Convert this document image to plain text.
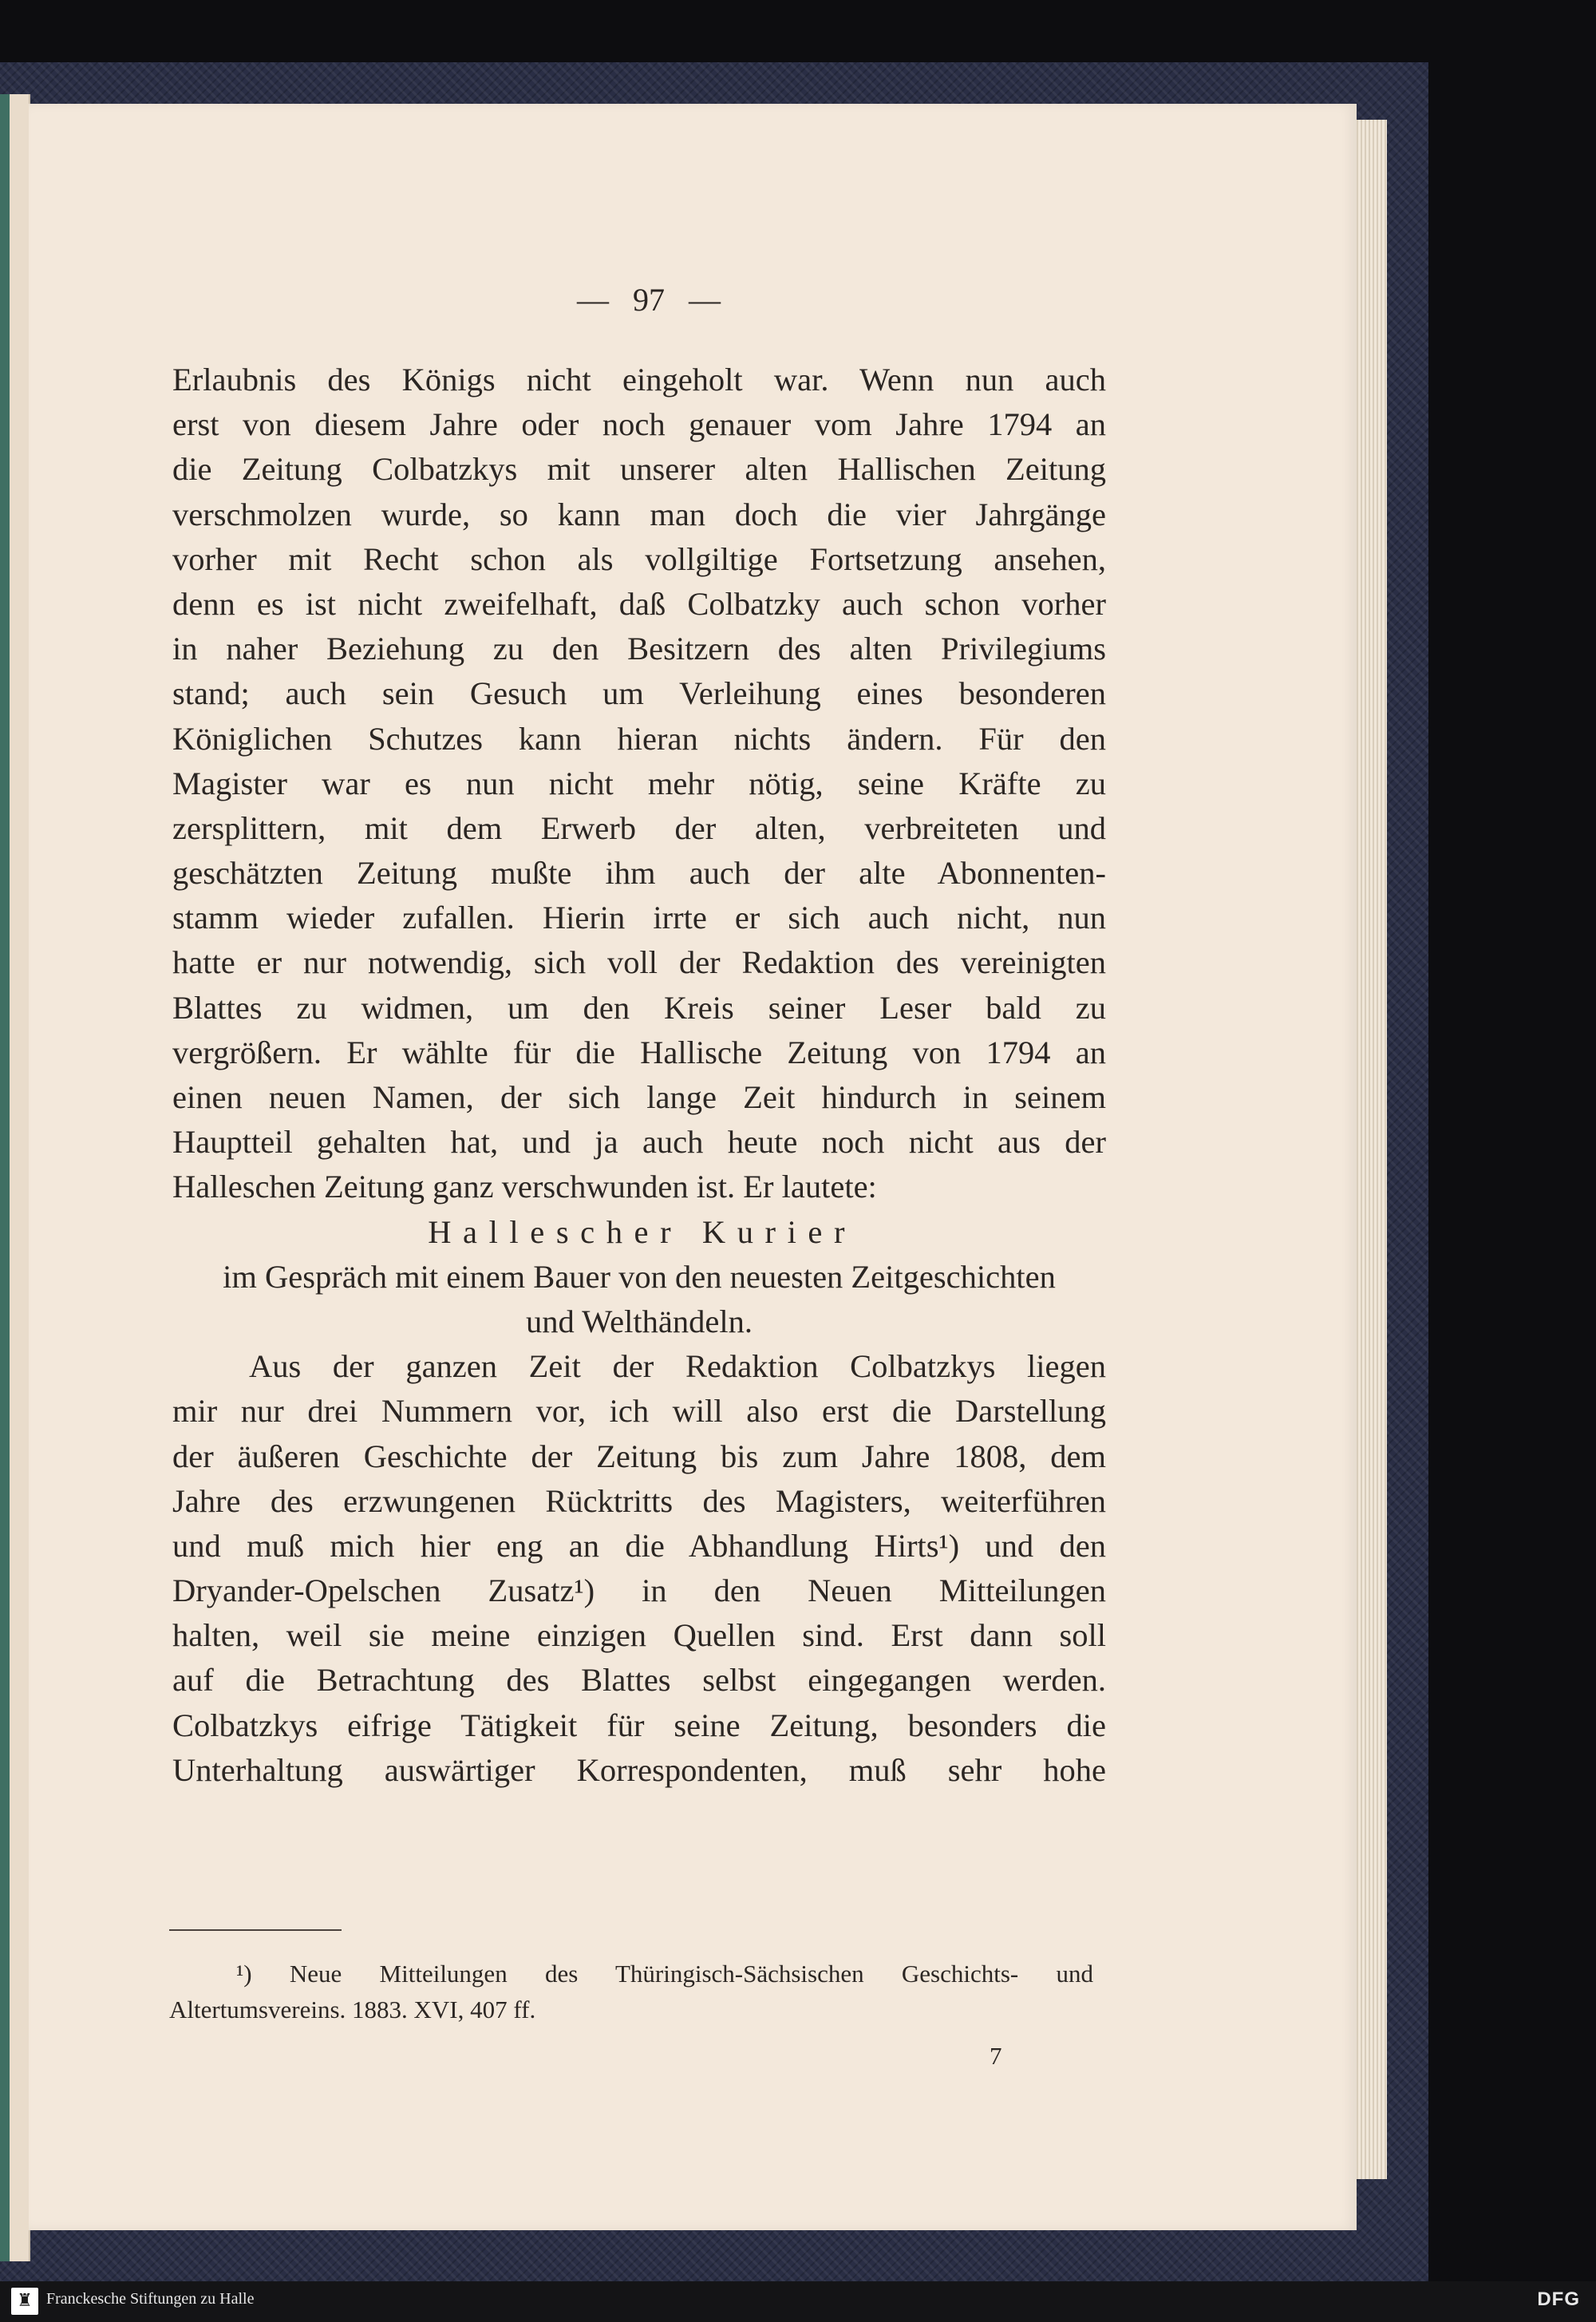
—   97   —
Erlaubnis des Königs nicht eingeholt war. Wenn nun auch
erst von diesem Jahre oder noch genauer vom Jahre 1794 an
die Zeitung Colbatzkys mit unserer alten Hallischen Zeitung
verschmolzen wurde, so kann man doch die vier Jahrgänge
vorher mit Recht schon als vollgiltige Fortsetzung ansehen,
denn es ist nicht zweifelhaft, daß Colbatzky auch schon vorher
in naher Beziehung zu den Besitzern des alten Privilegiums
stand; auch sein Gesuch um Verleihung eines besonderen
Königlichen Schutzes kann hieran nichts ändern. Für den
Magister war es nun nicht mehr nötig, seine Kräfte zu
zersplittern, mit dem Erwerb der alten, verbreiteten und
geschätzten Zeitung mußte ihm auch der alte Abonnenten-
stamm wieder zufallen. Hierin irrte er sich auch nicht, nun
hatte er nur notwendig, sich voll der Redaktion des vereinigten
Blattes zu widmen, um den Kreis seiner Leser bald zu
vergrößern. Er wählte für die Hallische Zeitung von 1794 an
einen neuen Namen, der sich lange Zeit hindurch in seinem
Hauptteil gehalten hat, und ja auch heute noch nicht aus der
Halleschen Zeitung ganz verschwunden ist. Er lautete:
Hallescher Kurier
im Gespräch mit einem Bauer von den neuesten Zeitgeschichten
und Welthändeln.
Aus der ganzen Zeit der Redaktion Colbatzkys liegen
mir nur drei Nummern vor, ich will also erst die Darstellung
der äußeren Geschichte der Zeitung bis zum Jahre 1808, dem
Jahre des erzwungenen Rücktritts des Magisters, weiterführen
und muß mich hier eng an die Abhandlung Hirts¹) und den
Dryander-Opelschen Zusatz¹) in den Neuen Mitteilungen
halten, weil sie meine einzigen Quellen sind. Erst dann soll
auf die Betrachtung des Blattes selbst eingegangen werden.
Colbatzkys eifrige Tätigkeit für seine Zeitung, besonders die
Unterhaltung auswärtiger Korrespondenten, muß sehr hohe
¹) Neue Mitteilungen des Thüringisch-Sächsischen Geschichts- und
Altertumsvereins. 1883. XVI, 407 ff.
7
♜ Franckesche Stiftungen zu Halle	DFG
